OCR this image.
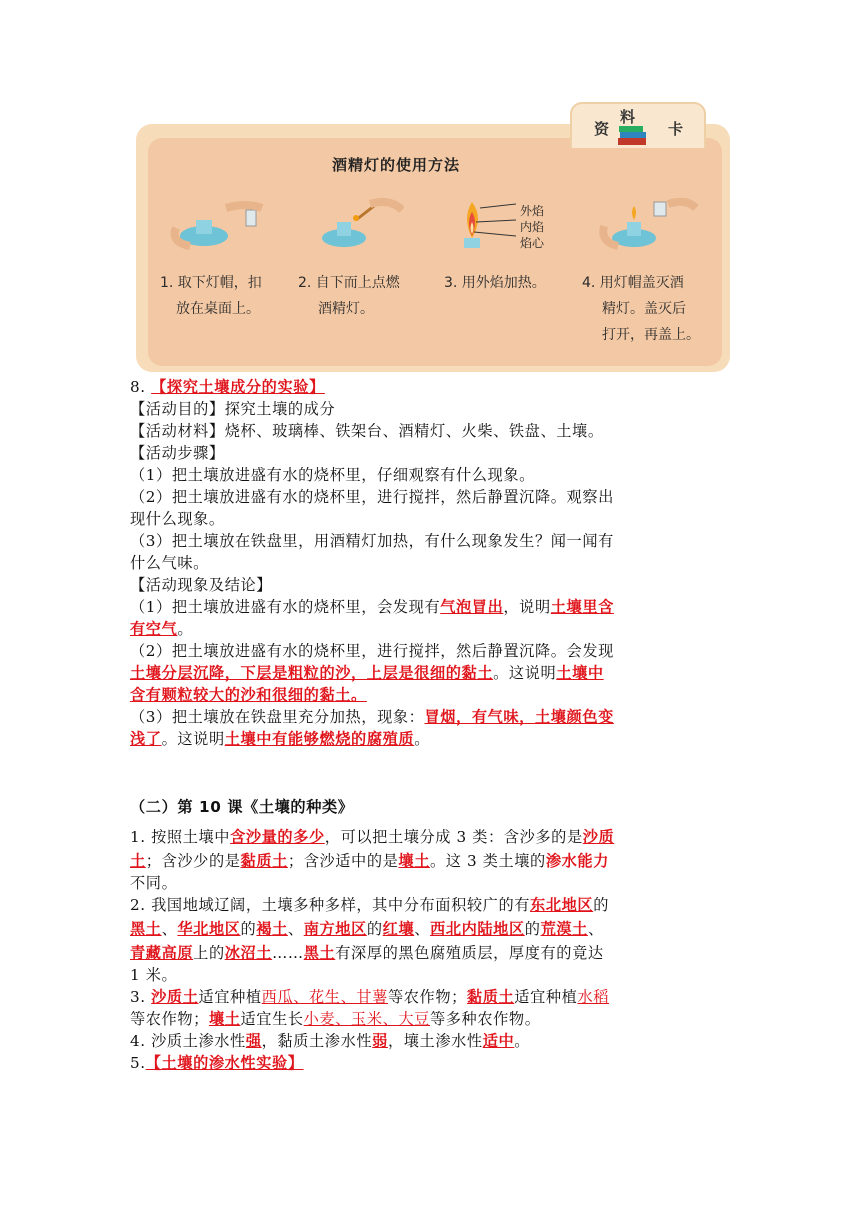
资
料
卡
酒精灯的使用方法
外焰
内焰
焰心
1. 取下灯帽，扣
放在桌面上。
2. 自下而上点燃
酒精灯。
3. 用外焰加热。	4. 用灯帽盖灭酒
精灯。盖灭后
打开，再盖上。
8. 【探究土壤成分的实验】
【活动目的】探究土壤的成分
【活动材料】烧杯、玻璃棒、铁架台、酒精灯、火柴、铁盘、土壤。
【活动步骤】
（1）把土壤放进盛有水的烧杯里，仔细观察有什么现象。
（2）把土壤放进盛有水的烧杯里，进行搅拌，然后静置沉降。观察出
现什么现象。
（3）把土壤放在铁盘里，用酒精灯加热，有什么现象发生？闻一闻有
什么气味。
【活动现象及结论】
（1）把土壤放进盛有水的烧杯里，会发现有气泡冒出，说明土壤里含
有空气。
（2）把土壤放进盛有水的烧杯里，进行搅拌，然后静置沉降。会发现
土壤分层沉降，下层是粗粒的沙，上层是很细的黏土。这说明土壤中
含有颗粒较大的沙和很细的黏土。
（3）把土壤放在铁盘里充分加热，现象：冒烟，有气味，土壤颜色变
浅了。这说明土壤中有能够燃烧的腐殖质。
（二）第 10 课《土壤的种类》
1. 按照土壤中含沙量的多少，可以把土壤分成 3 类：含沙多的是沙质
土；含沙少的是黏质土；含沙适中的是壤土。这 3 类土壤的渗水能力
不同。
2. 我国地域辽阔，土壤多种多样，其中分布面积较广的有东北地区的
黑土、华北地区的褐土、南方地区的红壤、西北内陆地区的荒漠土、
青藏高原上的冰沼土……黑土有深厚的黑色腐殖质层，厚度有的竟达
1 米。
3. 沙质土适宜种植西瓜、花生、甘薯等农作物；黏质土适宜种植水稻
等农作物；壤土适宜生长小麦、玉米、大豆等多种农作物。
4. 沙质土渗水性强，黏质土渗水性弱，壤土渗水性适中。
5.【土壤的渗水性实验】
